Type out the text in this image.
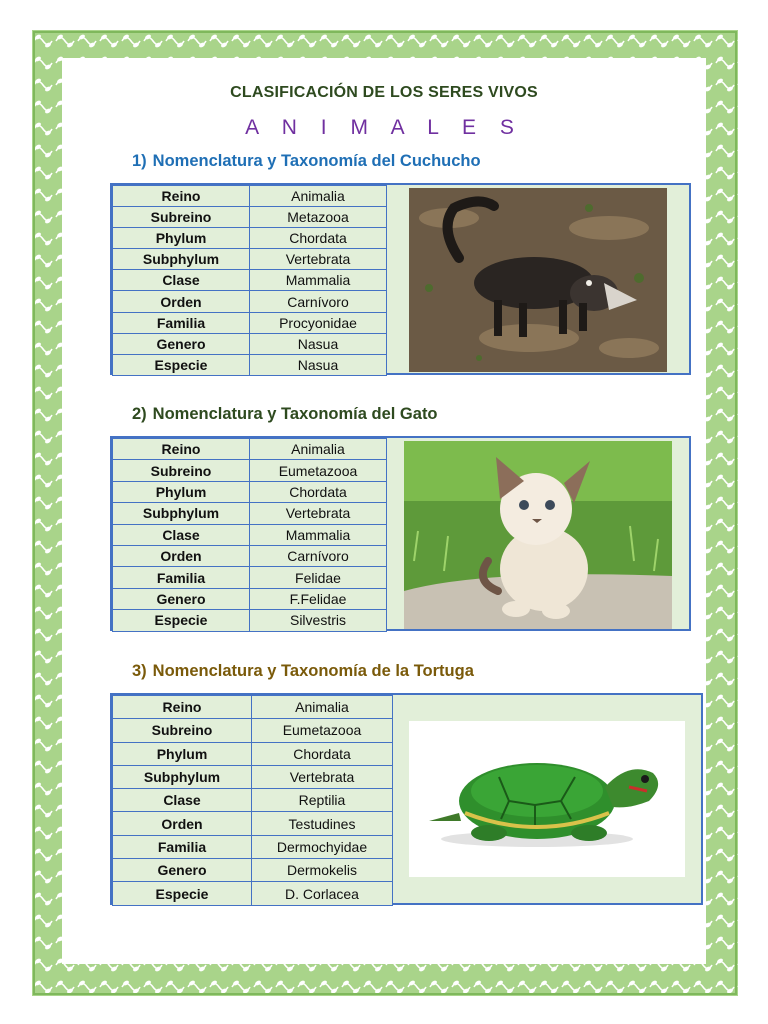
CLASIFICACIÓN DE LOS SERES VIVOS
A N I M A L E S
1) Nomenclatura y Taxonomía del Cuchucho
Reino	Animalia
Subreino	Metazooa
Phylum	Chordata
Subphylum	Vertebrata
Clase	Mammalia
Orden	Carnívoro
Familia	Procyonidae
Genero	Nasua
Especie	Nasua
2) Nomenclatura y Taxonomía del Gato
Reino	Animalia
Subreino	Eumetazooa
Phylum	Chordata
Subphylum	Vertebrata
Clase	Mammalia
Orden	Carnívoro
Familia	Felidae
Genero	F.Felidae
Especie	Silvestris
3) Nomenclatura y Taxonomía de la Tortuga
Reino	Animalia
Subreino	Eumetazooa
Phylum	Chordata
Subphylum	Vertebrata
Clase	Reptilia
Orden	Testudines
Familia	Dermochyidae
Genero	Dermokelis
Especie	D. Corlacea
